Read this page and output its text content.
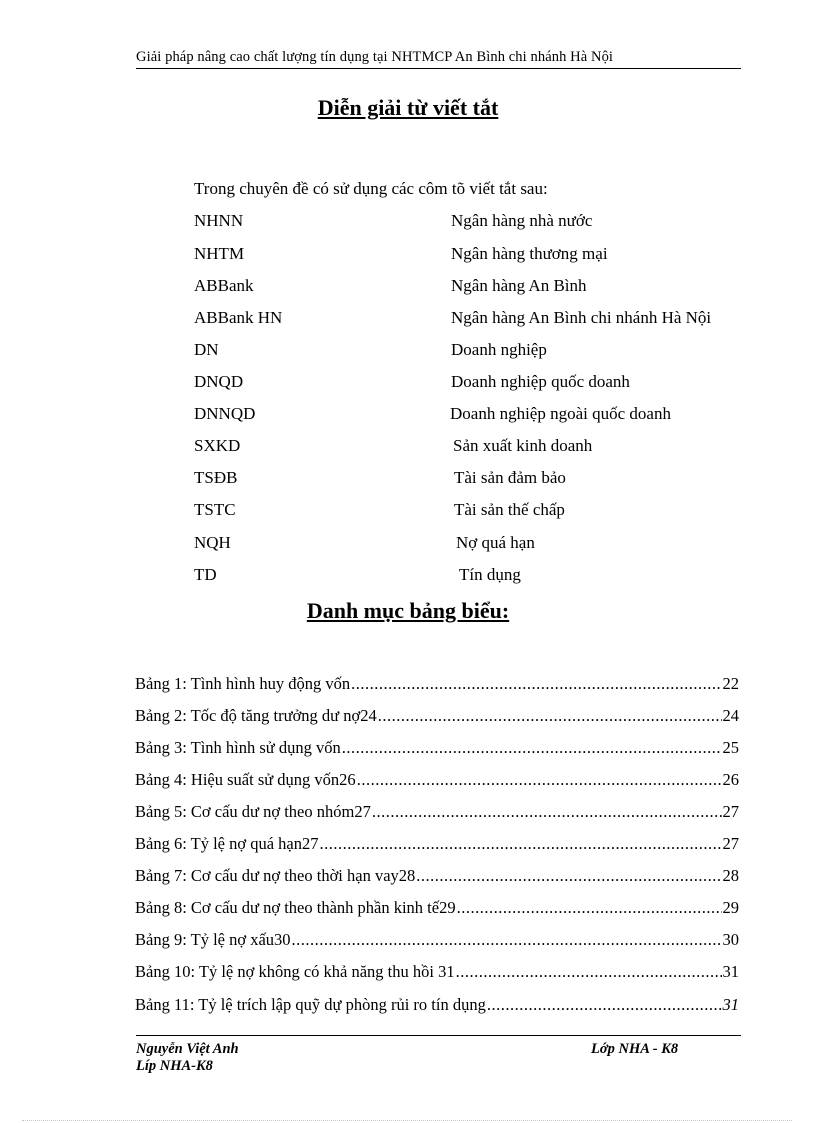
Giải pháp nâng cao chất lượng tín dụng tại NHTMCP An Bình chi nhánh Hà Nội
Diễn giải từ viết tắt
Trong chuyên đề có sử dụng các côm tõ viết tắt sau:
NHNN	Ngân hàng nhà nước
NHTM	Ngân hàng thương mại
ABBank	Ngân hàng An Bình
ABBank HN	Ngân hàng An Bình chi nhánh Hà Nội
DN	Doanh nghiệp
DNQD	Doanh nghiệp quốc doanh
DNNQD	Doanh nghiệp ngoài quốc doanh
SXKD	Sản xuất kinh doanh
TSĐB	Tài sản đảm bảo
TSTC	Tài sản thế chấp
NQH	Nợ quá hạn
TD	Tín dụng
Danh mục bảng biểu:
Bảng 1: Tình hình huy động vốn .....	22
Bảng 2: Tốc độ tăng trưởng dư nợ24 .....	24
Bảng 3: Tình hình sử dụng vốn .....	25
Bảng 4: Hiệu suất sử dụng vốn26 .....	26
Bảng 5: Cơ cấu dư nợ theo nhóm27 .....	27
Bảng 6: Tỷ lệ nợ quá hạn27 .....	27
Bảng 7: Cơ cấu dư nợ theo thời hạn vay28 .....	28
Bảng 8: Cơ cấu dư nợ theo thành phần kinh tế29 .....	29
Bảng 9: Tỷ lệ nợ xấu30 .....	30
Bảng 10: Tỷ lệ nợ không có khả năng thu hồi 31 .....	31
Bảng 11: Tỷ lệ trích lập quỹ dự phòng rủi ro tín dụng .....	31
Nguyễn Việt Anh	Lớp NHA - K8
Líp NHA-K8
